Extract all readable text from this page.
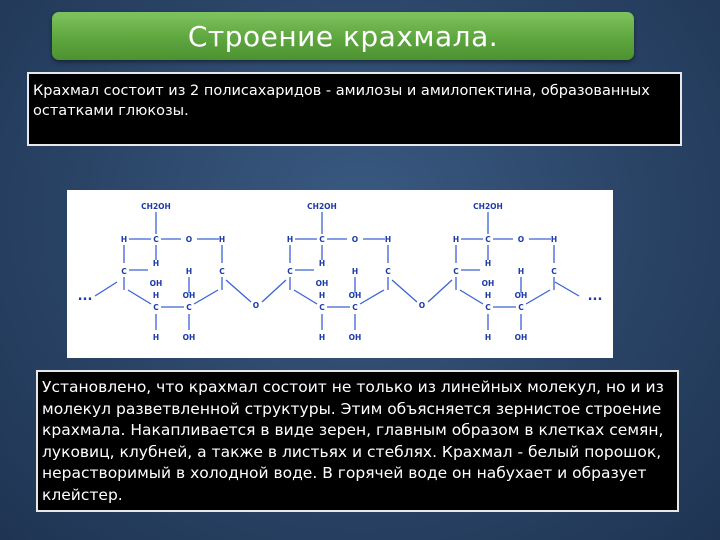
Строение крахмала.
Крахмал состоит из 2 полисахаридов - амилозы и амилопектина, образованных остатками глюкозы.
CH2OH
H	C	O	H
H
C	C
OH
H
C	C
H	OH
H	OH
O
CH2OH
H	C	O	H
H
C	C
OH
H
C	C
H	OH
H	OH
O
CH2OH
H	C	O	H
H
C	C
OH
H
C	C
H	OH
H	OH
...	...
Установлено, что крахмал состоит не только из линейных молекул, но и из молекул разветвленной структуры. Этим объясняется зернистое строение крахмала. Накапливается в виде зерен, главным образом в клетках семян, луковиц, клубней, а также в листьях и стеблях. Крахмал - белый порошок, нерастворимый в холодной воде. В горячей воде он набухает и образует клейстер.
